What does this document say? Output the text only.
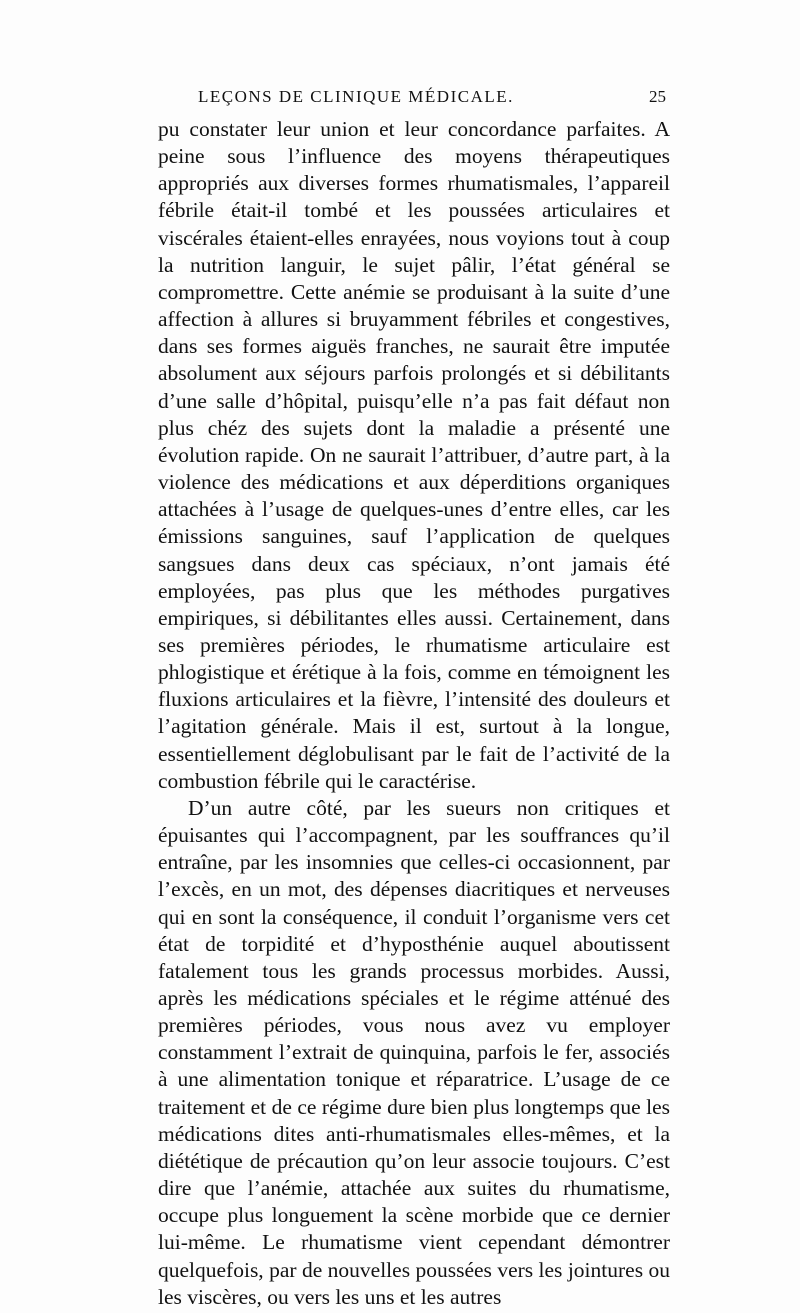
LEÇONS DE CLINIQUE MÉDICALE.	25

pu constater leur union et leur concordance parfaites. A peine sous l’influence des moyens thérapeutiques appropriés aux diverses formes rhumatismales, l’appareil fébrile était-il tombé et les poussées articulaires et viscérales étaient-elles enrayées, nous voyions tout à coup la nutrition languir, le sujet pâlir, l’état général se compromettre. Cette anémie se produisant à la suite d’une affection à allures si bruyamment fébriles et congestives, dans ses formes aiguës franches, ne saurait être imputée absolument aux séjours parfois prolongés et si débilitants d’une salle d’hôpital, puisqu’elle n’a pas fait défaut non plus chéz des sujets dont la maladie a présenté une évolution rapide. On ne saurait l’attribuer, d’autre part, à la violence des médications et aux déperditions organiques attachées à l’usage de quelques-unes d’entre elles, car les émissions sanguines, sauf l’application de quelques sangsues dans deux cas spéciaux, n’ont jamais été employées, pas plus que les méthodes purgatives empiriques, si débilitantes elles aussi. Certainement, dans ses premières périodes, le rhumatisme articulaire est phlogistique et érétique à la fois, comme en témoignent les fluxions articulaires et la fièvre, l’intensité des douleurs et l’agitation générale. Mais il est, surtout à la longue, essentiellement déglobulisant par le fait de l’activité de la combustion fébrile qui le caractérise.

D’un autre côté, par les sueurs non critiques et épuisantes qui l’accompagnent, par les souffrances qu’il entraîne, par les insomnies que celles-ci occasionnent, par l’excès, en un mot, des dépenses diacritiques et nerveuses qui en sont la conséquence, il conduit l’organisme vers cet état de torpidité et d’hyposthénie auquel aboutissent fatalement tous les grands processus morbides. Aussi, après les médications spéciales et le régime atténué des premières périodes, vous nous avez vu employer constamment l’extrait de quinquina, parfois le fer, associés à une alimentation tonique et réparatrice. L’usage de ce traitement et de ce régime dure bien plus longtemps que les médications dites anti-rhumatismales elles-mêmes, et la diététique de précaution qu’on leur associe toujours. C’est dire que l’anémie, attachée aux suites du rhumatisme, occupe plus longuement la scène morbide que ce dernier lui-même. Le rhumatisme vient cependant démontrer quelquefois, par de nouvelles poussées vers les jointures ou les viscères, ou vers les uns et les autres
